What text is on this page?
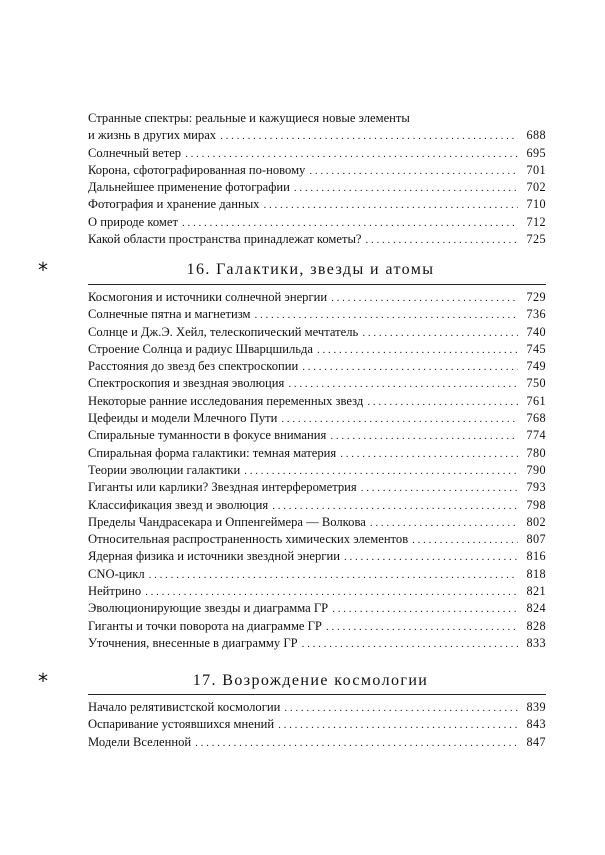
Странные спектры: реальные и кажущиеся новые элементы
и жизнь в других мирах . . .	688
Солнечный ветер . . .	695
Корона, сфотографированная по-новому . . .	701
Дальнейшее применение фотографии . . .	702
Фотография и хранение данных . . .	710
О природе комет . . .	712
Какой области пространства принадлежат кометы? . . .	725
*	16. Галактики, звезды и атомы
Космогония и источники солнечной энергии . . .	729
Солнечные пятна и магнетизм . . .	736
Солнце и Дж.Э. Хейл, телескопический мечтатель . . .	740
Строение Солнца и радиус Шварцшильда . . .	745
Расстояния до звезд без спектроскопии . . .	749
Спектроскопия и звездная эволюция . . .	750
Некоторые ранние исследования переменных звезд . . .	761
Цефеиды и модели Млечного Пути . . .	768
Спиральные туманности в фокусе внимания . . .	774
Спиральная форма галактики: темная материя . . .	780
Теории эволюции галактики . . .	790
Гиганты или карлики? Звездная интерферометрия . . .	793
Классификация звезд и эволюция . . .	798
Пределы Чандрасекара и Оппенгеймера — Волкова . . .	802
Относительная распространенность химических элементов . . .	807
Ядерная физика и источники звездной энергии . . .	816
CNO-цикл . . .	818
Нейтрино . . .	821
Эволюционирующие звезды и диаграмма ГР . . .	824
Гиганты и точки поворота на диаграмме ГР . . .	828
Уточнения, внесенные в диаграмму ГР . . .	833
*	17. Возрождение космологии
Начало релятивистской космологии . . .	839
Оспаривание устоявшихся мнений . . .	843
Модели Вселенной . . .	847
